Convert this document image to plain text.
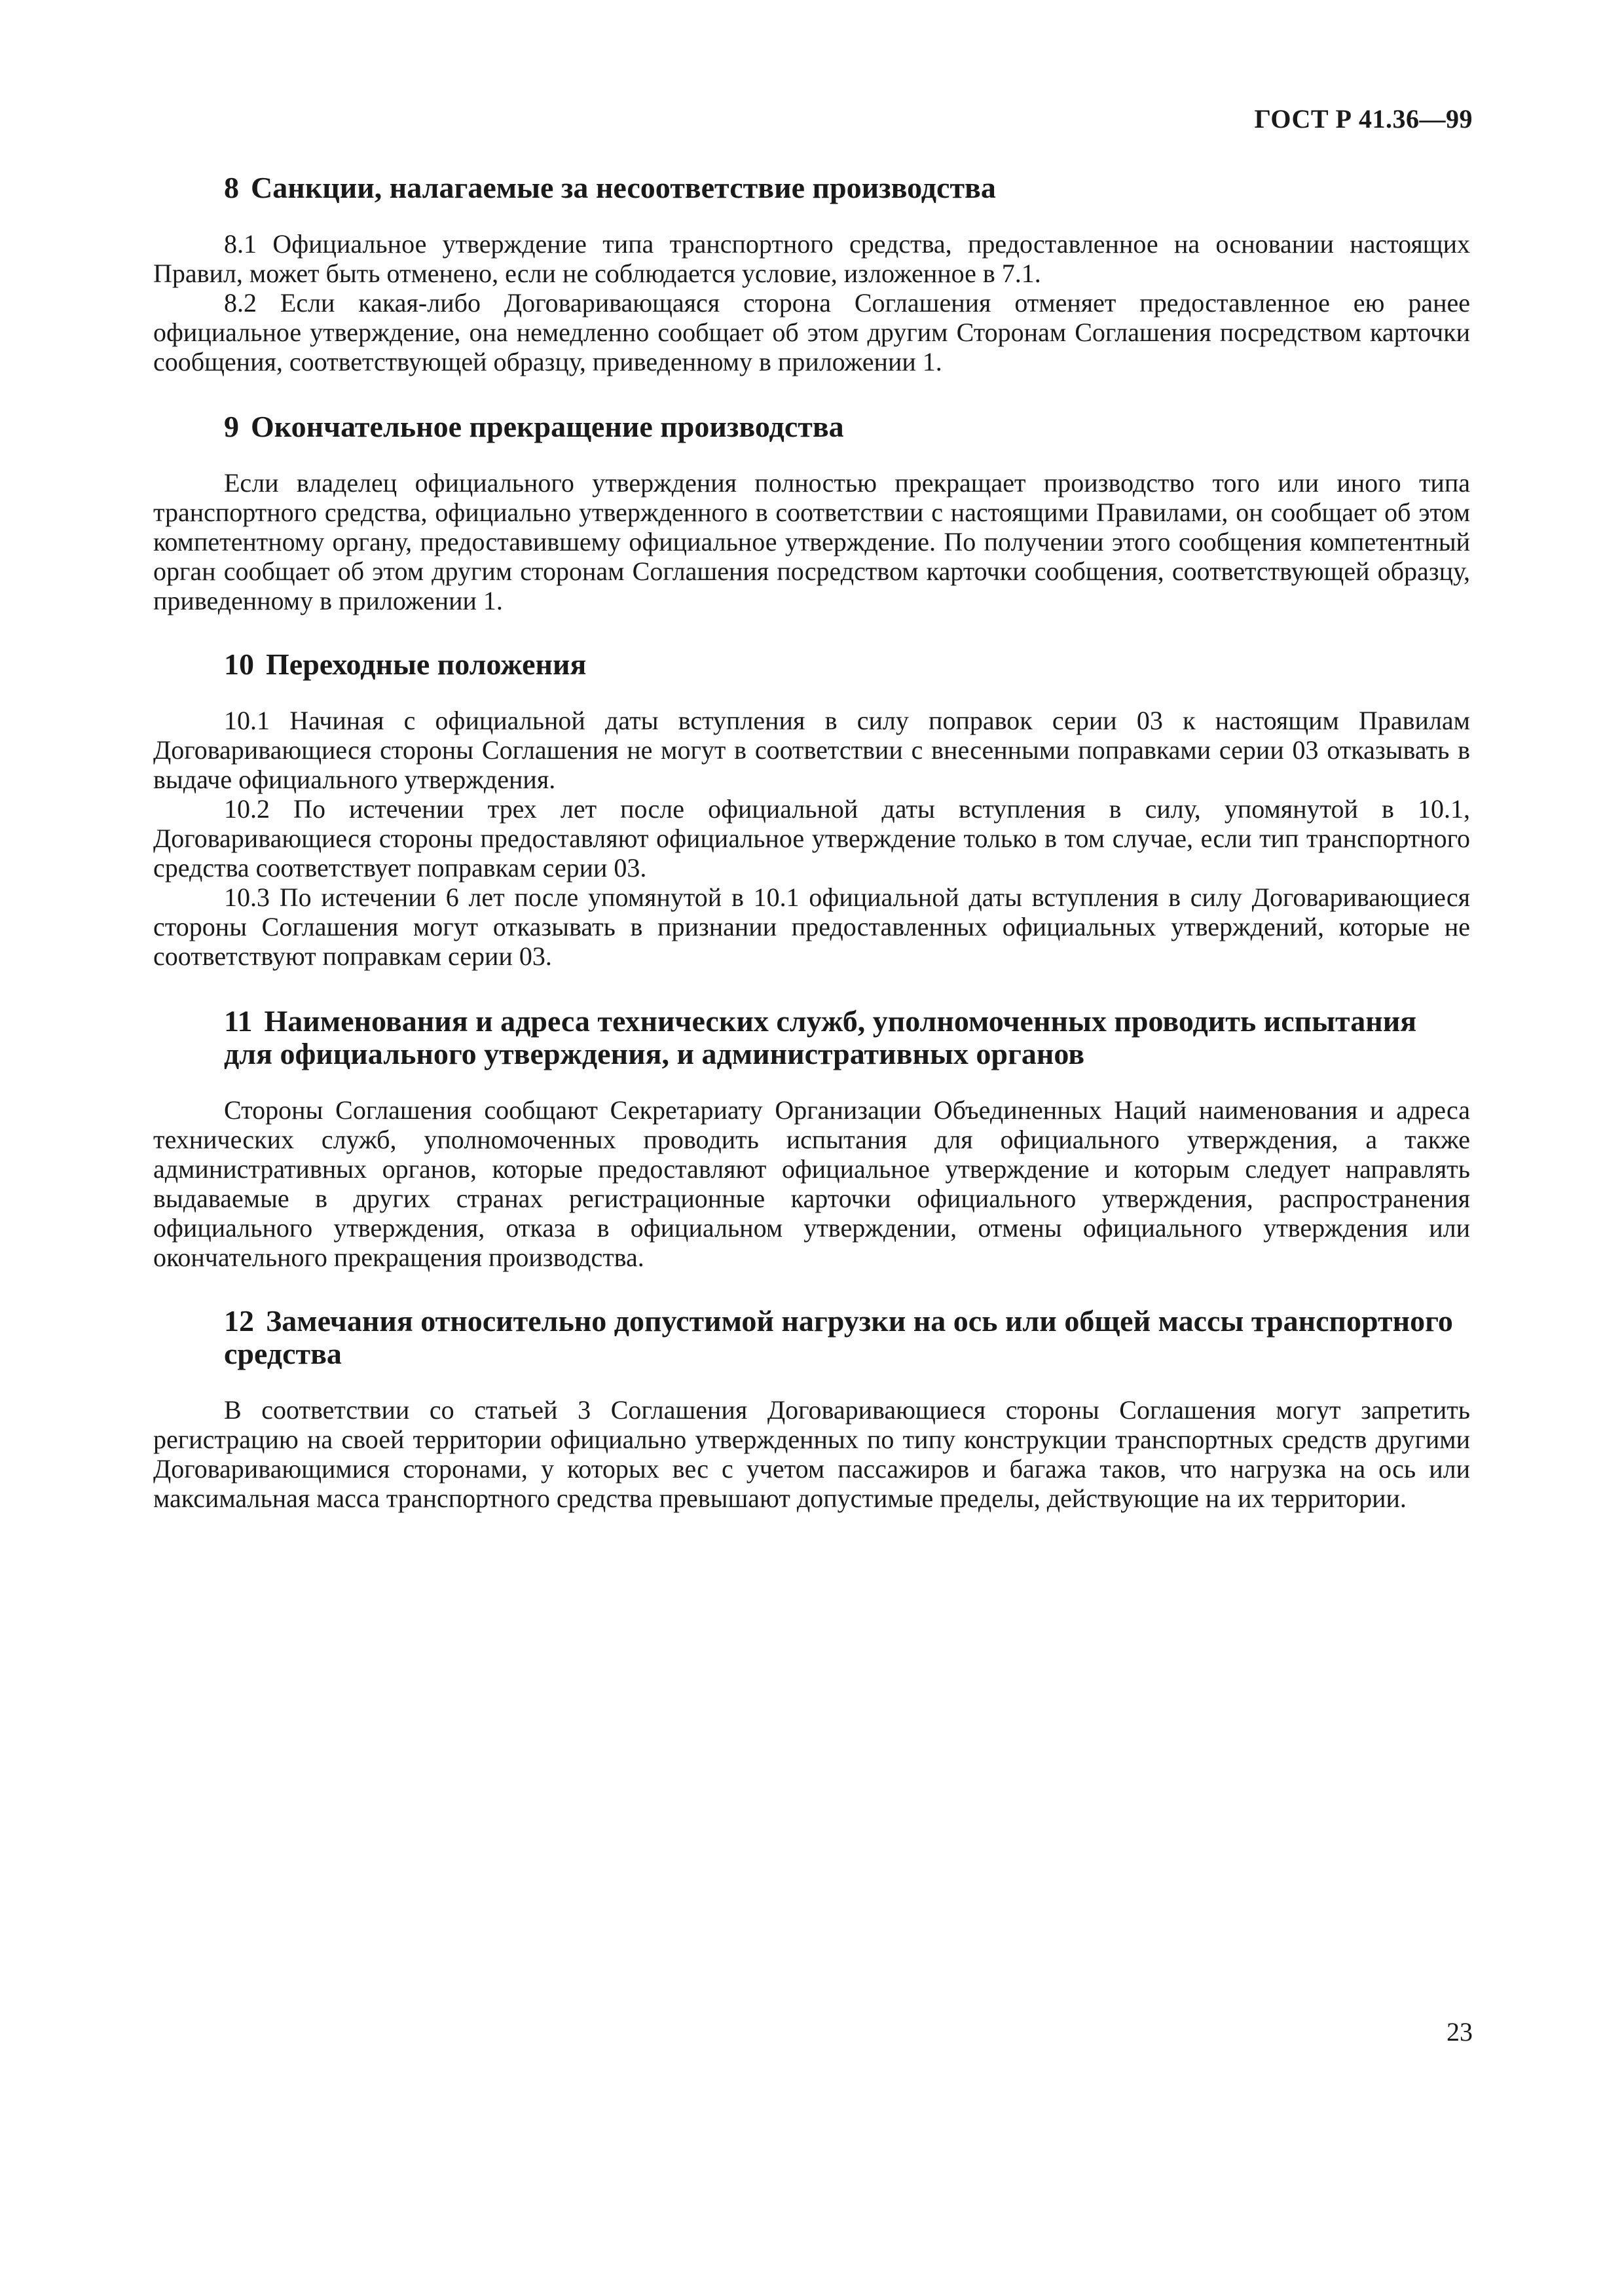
ГОСТ Р 41.36—99
8 Санкции, налагаемые за несоответствие производства

8.1 Официальное утверждение типа транспортного средства, предоставленное на основании настоящих Правил, может быть отменено, если не соблюдается условие, изложенное в 7.1.

8.2 Если какая-либо Договаривающаяся сторона Соглашения отменяет предоставленное ею ранее официальное утверждение, она немедленно сообщает об этом другим Сторонам Соглашения посредством карточки сообщения, соответствующей образцу, приведенному в приложении 1.

9 Окончательное прекращение производства

Если владелец официального утверждения полностью прекращает производство того или иного типа транспортного средства, официально утвержденного в соответствии с настоящими Правилами, он сообщает об этом компетентному органу, предоставившему официальное утверждение. По получении этого сообщения компетентный орган сообщает об этом другим сторонам Соглашения посредством карточки сообщения, соответствующей образцу, приведенному в приложении 1.

10 Переходные положения

10.1 Начиная с официальной даты вступления в силу поправок серии 03 к настоящим Правилам Договаривающиеся стороны Соглашения не могут в соответствии с внесенными поправками серии 03 отказывать в выдаче официального утверждения.

10.2 По истечении трех лет после официальной даты вступления в силу, упомянутой в 10.1, Договаривающиеся стороны предоставляют официальное утверждение только в том случае, если тип транспортного средства соответствует поправкам серии 03.

10.3 По истечении 6 лет после упомянутой в 10.1 официальной даты вступления в силу Договаривающиеся стороны Соглашения могут отказывать в признании предоставленных официальных утверждений, которые не соответствуют поправкам серии 03.

11 Наименования и адреса технических служб, уполномоченных проводить испытания для официального утверждения, и административных органов

Стороны Соглашения сообщают Секретариату Организации Объединенных Наций наименования и адреса технических служб, уполномоченных проводить испытания для официального утверждения, а также административных органов, которые предоставляют официальное утверждение и которым следует направлять выдаваемые в других странах регистрационные карточки официального утверждения, распространения официального утверждения, отказа в официальном утверждении, отмены официального утверждения или окончательного прекращения производства.

12 Замечания относительно допустимой нагрузки на ось или общей массы транспортного средства

В соответствии со статьей 3 Соглашения Договаривающиеся стороны Соглашения могут запретить регистрацию на своей территории официально утвержденных по типу конструкции транспортных средств другими Договаривающимися сторонами, у которых вес с учетом пассажиров и багажа таков, что нагрузка на ось или максимальная масса транспортного средства превышают допустимые пределы, действующие на их территории.

23
